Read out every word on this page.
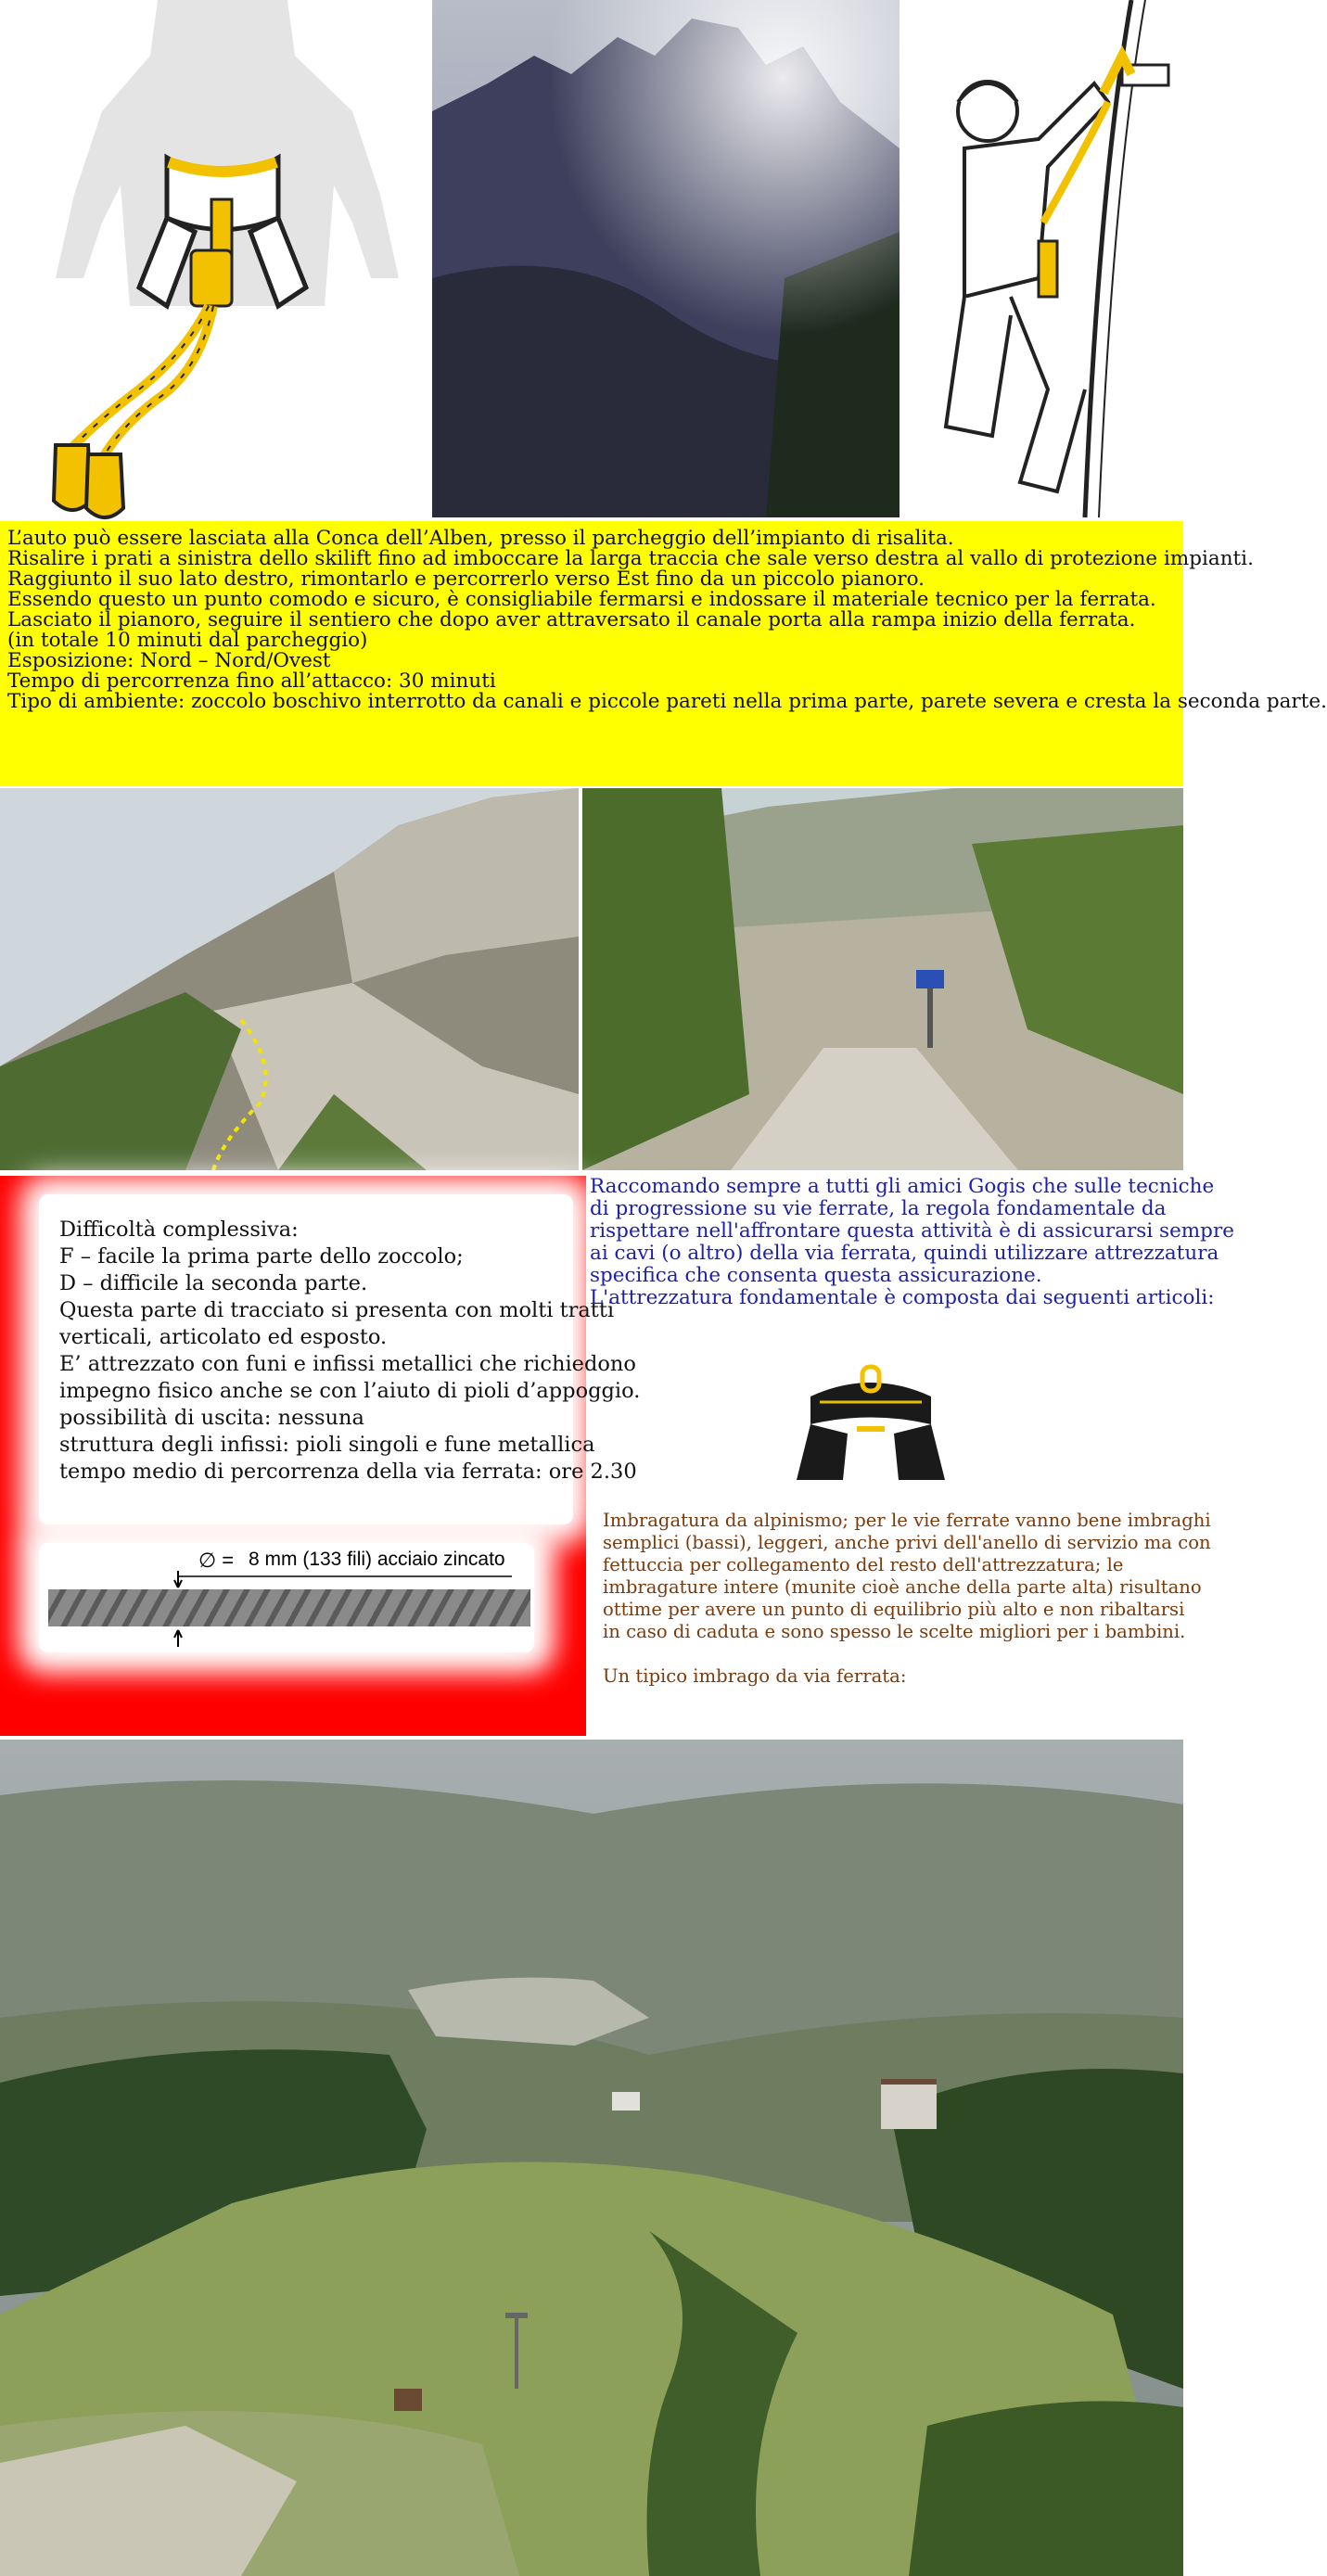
L’auto può essere lasciata alla Conca dell’Alben, presso il parcheggio dell’impianto di risalita.

Risalire i prati a sinistra dello skilift fino ad imboccare la larga traccia che sale verso destra al vallo di protezione impianti.

Raggiunto il suo lato destro, rimontarlo e percorrerlo verso Est fino da un piccolo pianoro.

Essendo questo un punto comodo e sicuro, è consigliabile fermarsi e indossare il materiale tecnico per la ferrata.

Lasciato il pianoro, seguire il sentiero che dopo aver attraversato il canale porta alla rampa inizio della ferrata.

(in totale 10 minuti dal parcheggio)

Esposizione: Nord – Nord/Ovest

Tempo di percorrenza fino all’attacco: 30 minuti

Tipo di ambiente: zoccolo boschivo interrotto da canali e piccole pareti nella prima parte, parete severa e cresta la seconda parte.

Difficoltà complessiva:

F – facile la prima parte dello zoccolo;

D – difficile la seconda parte.

Questa parte di tracciato si presenta con molti tratti

verticali, articolato ed esposto.

E’ attrezzato con funi e infissi metallici che richiedono

impegno fisico anche se con l’aiuto di pioli d’appoggio.

possibilità di uscita: nessuna

struttura degli infissi: pioli singoli e fune metallica

tempo medio di percorrenza della via ferrata: ore 2.30

∅ = 8 mm (133 fili) acciaio zincato

Raccomando sempre a tutti gli amici Gogis che sulle tecniche

di progressione su vie ferrate, la regola fondamentale da

rispettare nell'affrontare questa attività è di assicurarsi sempre

ai cavi (o altro) della via ferrata, quindi utilizzare attrezzatura

specifica che consenta questa assicurazione.

L'attrezzatura fondamentale è composta dai seguenti articoli:

Imbragatura da alpinismo; per le vie ferrate vanno bene imbraghi

semplici (bassi), leggeri, anche privi dell'anello di servizio ma con

fettuccia per collegamento del resto dell'attrezzatura; le

imbragature intere (munite cioè anche della parte alta) risultano

ottime per avere un punto di equilibrio più alto e non ribaltarsi

in caso di caduta e sono spesso le scelte migliori per i bambini.

Un tipico imbrago da via ferrata:
